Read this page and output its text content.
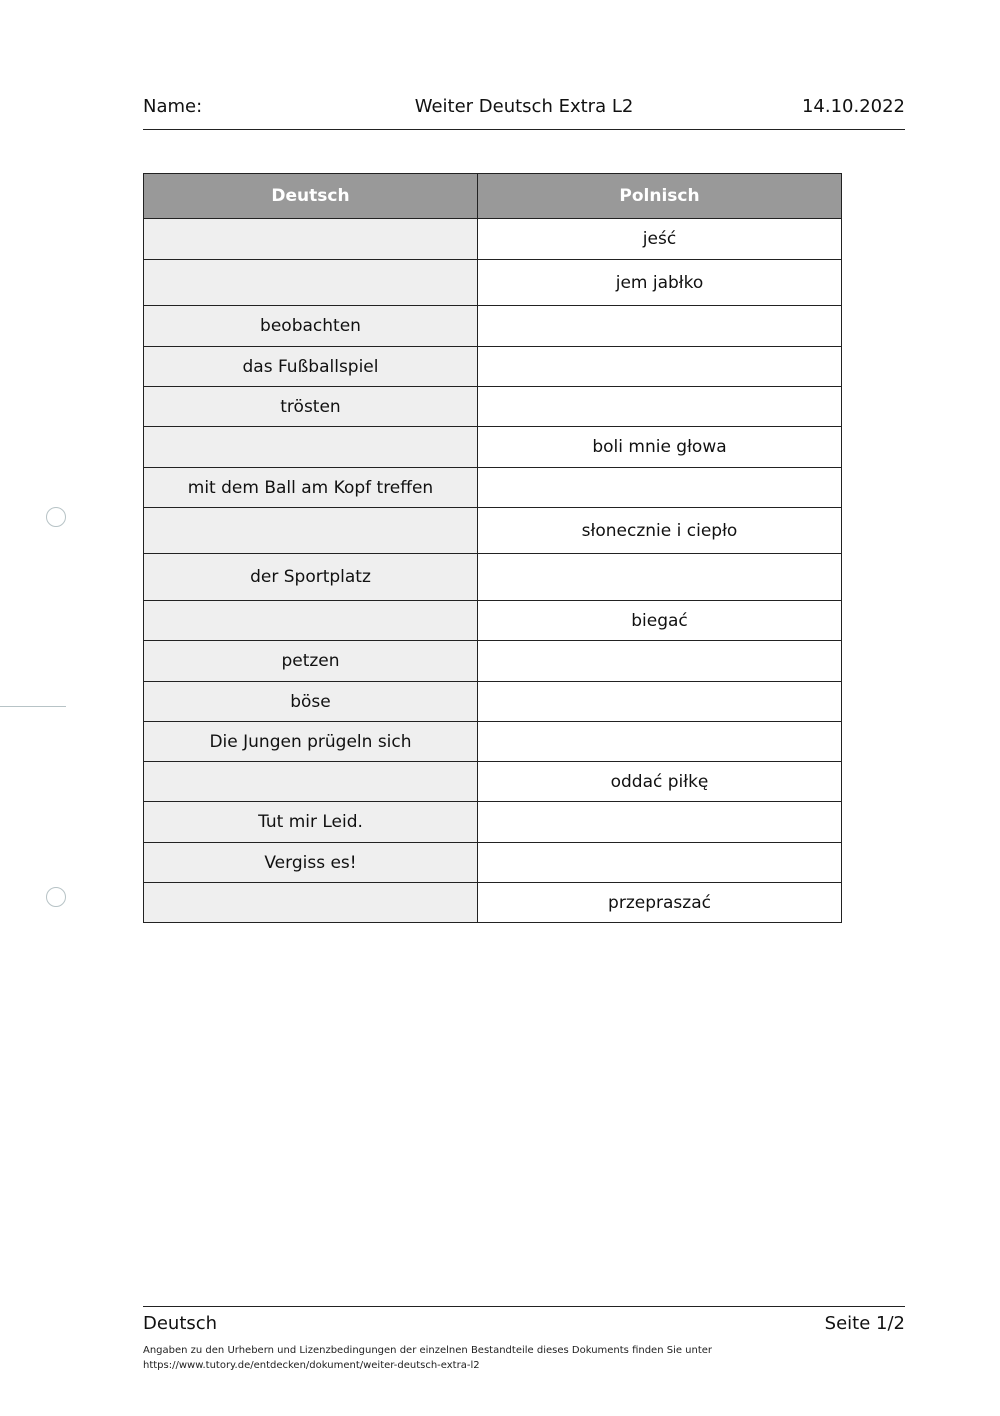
Name:	Weiter Deutsch Extra L2	14.10.2022
Deutsch	Polnisch
	jeść
	jem jabłko
beobachten	
das Fußballspiel	
trösten	
	boli mnie głowa
mit dem Ball am Kopf treffen	
	słonecznie i ciepło
der Sportplatz	
	biegać
petzen	
böse	
Die Jungen prügeln sich	
	oddać piłkę
Tut mir Leid.	
Vergiss es!	
	przepraszać
Deutsch	Seite 1/2
Angaben zu den Urhebern und Lizenzbedingungen der einzelnen Bestandteile dieses Dokuments finden Sie unter
https://www.tutory.de/entdecken/dokument/weiter-deutsch-extra-l2
